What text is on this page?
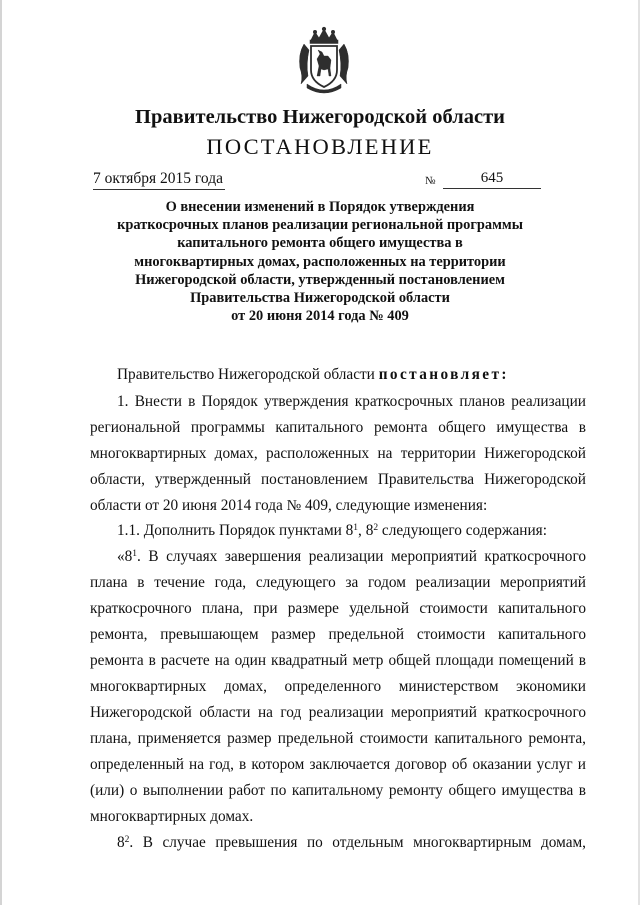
Правительство Нижегородской области
ПОСТАНОВЛЕНИЕ
7 октября 2015 года	№	645
О внесении изменений в Порядок утверждения
краткосрочных планов реализации региональной программы
капитального ремонта общего имущества в
многоквартирных домах, расположенных на территории
Нижегородской области, утвержденный постановлением
Правительства Нижегородской области
от 20 июня 2014 года № 409
Правительство Нижегородской области постановляет:
1. Внести в Порядок утверждения краткосрочных планов реализации
региональной программы капитального ремонта общего имущества в
многоквартирных домах, расположенных на территории Нижегородской
области, утвержденный постановлением Правительства Нижегородской
области от 20 июня 2014 года № 409, следующие изменения:
1.1. Дополнить Порядок пунктами $8^1$, $8^2$ следующего содержания:
«$8^1$. В случаях завершения реализации мероприятий краткосрочного
плана в течение года, следующего за годом реализации мероприятий
краткосрочного плана, при размере удельной стоимости капитального
ремонта, превышающем размер предельной стоимости капитального
ремонта в расчете на один квадратный метр общей площади помещений в
многоквартирных домах, определенного министерством экономики
Нижегородской области на год реализации мероприятий краткосрочного
плана, применяется размер предельной стоимости капитального ремонта,
определенный на год, в котором заключается договор об оказании услуг и
(или) о выполнении работ по капитальному ремонту общего имущества в
многоквартирных домах.
$8^2$. В случае превышения по отдельным многоквартирным домам,
